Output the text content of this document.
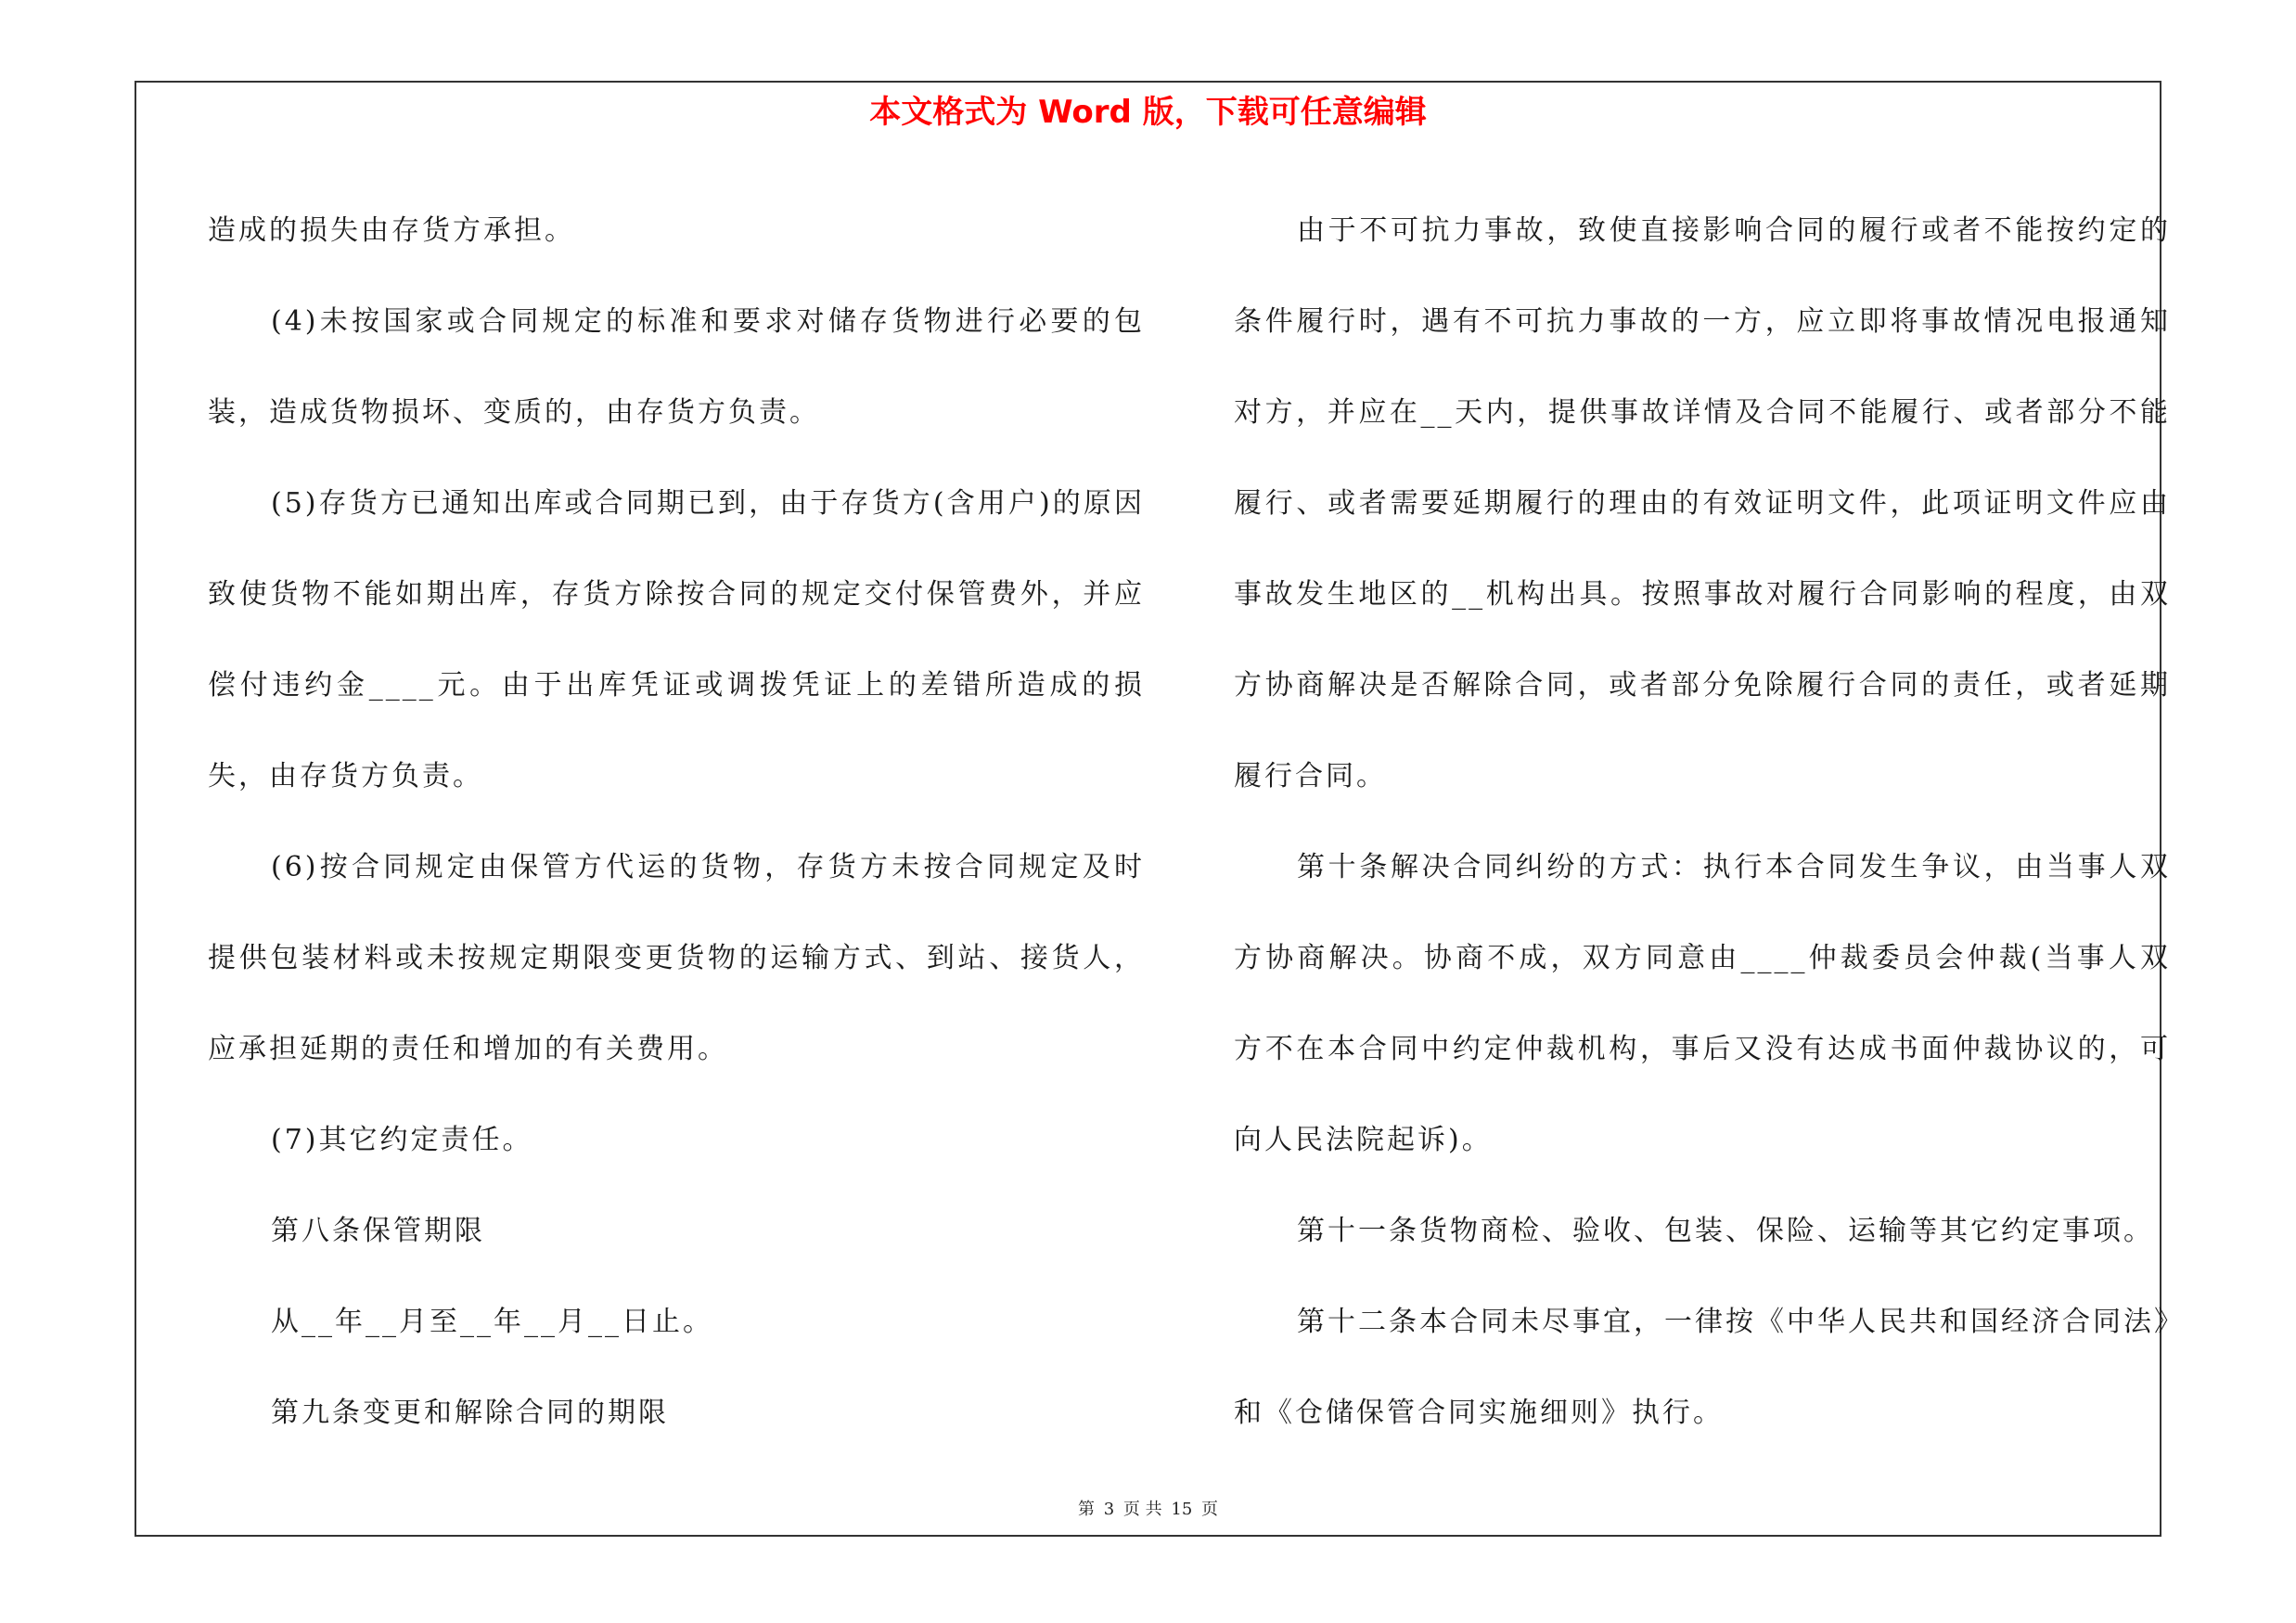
本文格式为 Word 版，下载可任意编辑

造成的损失由存货方承担。

(4)未按国家或合同规定的标准和要求对储存货物进行必要的包装，造成货物损坏、变质的，由存货方负责。

(5)存货方已通知出库或合同期已到，由于存货方(含用户)的原因致使货物不能如期出库，存货方除按合同的规定交付保管费外，并应偿付违约金____元。由于出库凭证或调拨凭证上的差错所造成的损失，由存货方负责。

(6)按合同规定由保管方代运的货物，存货方未按合同规定及时提供包装材料或未按规定期限变更货物的运输方式、到站、接货人，应承担延期的责任和增加的有关费用。

(7)其它约定责任。

第八条保管期限

从__年__月至__年__月__日止。

第九条变更和解除合同的期限

由于不可抗力事故，致使直接影响合同的履行或者不能按约定的条件履行时，遇有不可抗力事故的一方，应立即将事故情况电报通知对方，并应在__天内，提供事故详情及合同不能履行、或者部分不能履行、或者需要延期履行的理由的有效证明文件，此项证明文件应由事故发生地区的__机构出具。按照事故对履行合同影响的程度，由双方协商解决是否解除合同，或者部分免除履行合同的责任，或者延期履行合同。

第十条解决合同纠纷的方式：执行本合同发生争议，由当事人双方协商解决。协商不成，双方同意由____仲裁委员会仲裁(当事人双方不在本合同中约定仲裁机构，事后又没有达成书面仲裁协议的，可向人民法院起诉)。

第十一条货物商检、验收、包装、保险、运输等其它约定事项。

第十二条本合同未尽事宜，一律按《中华人民共和国经济合同法》和《仓储保管合同实施细则》执行。

第 3 页 共 15 页
